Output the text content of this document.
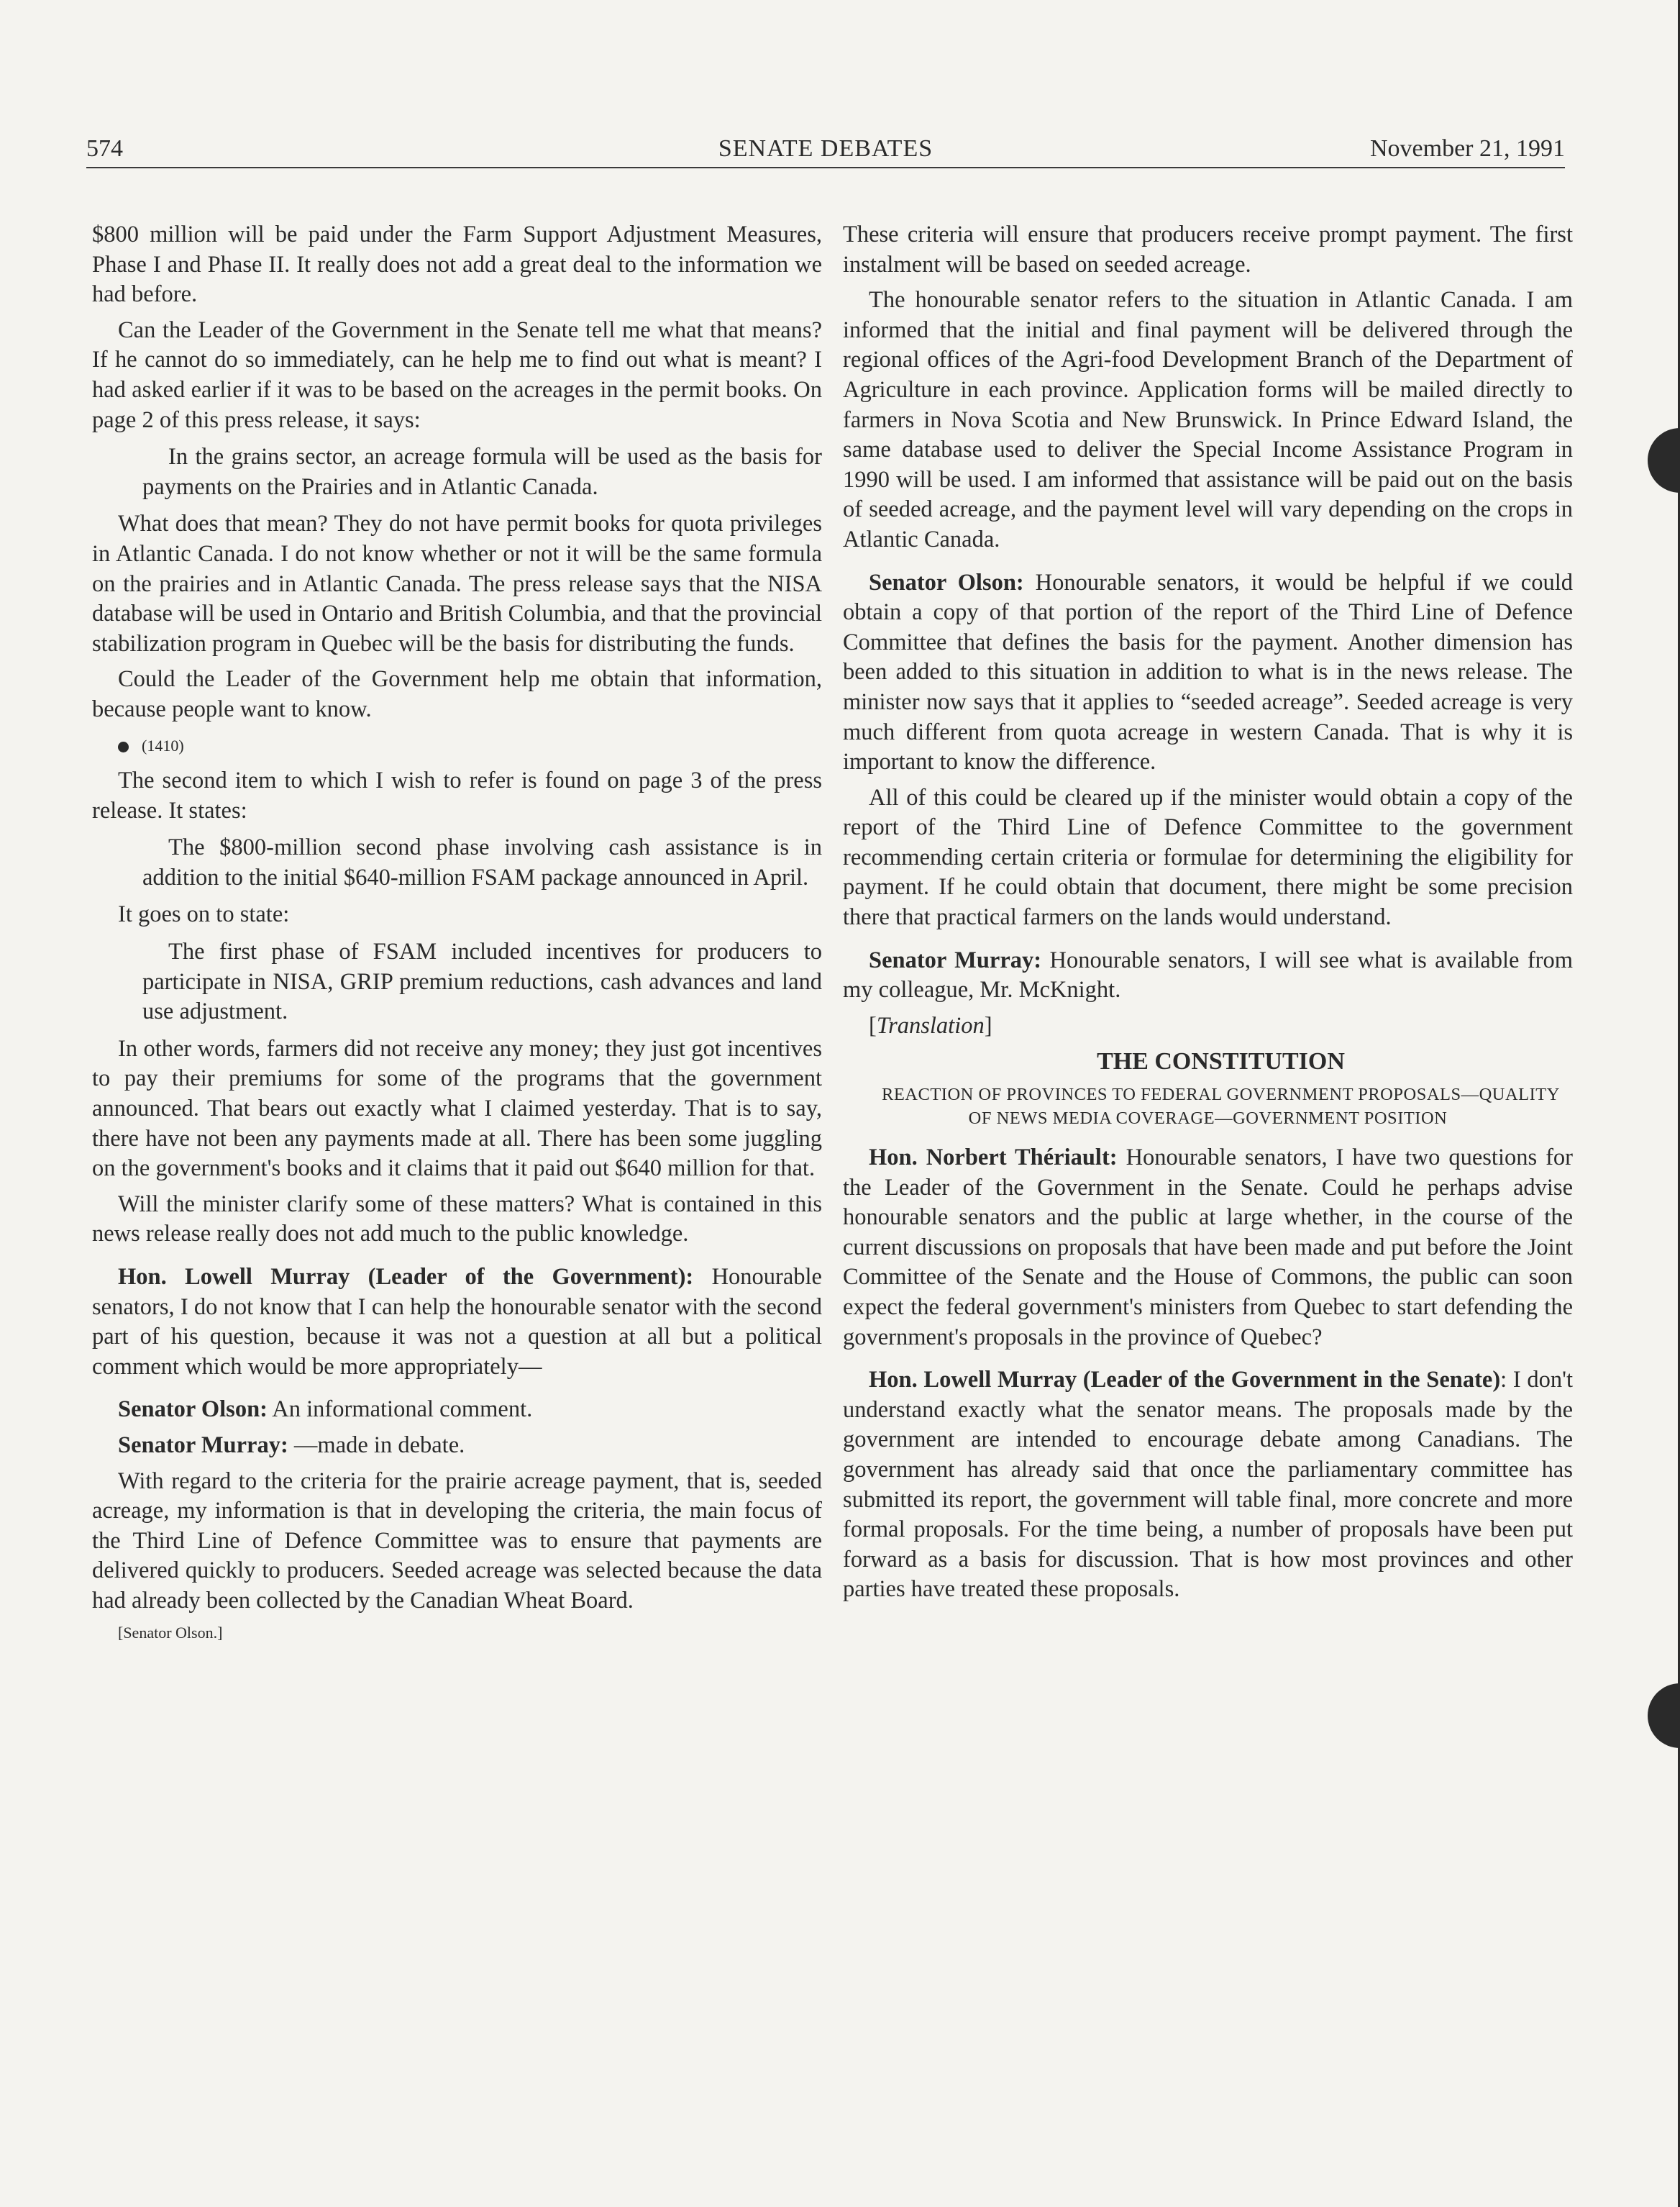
574	SENATE DEBATES	November 21, 1991

$800 million will be paid under the Farm Support Adjustment Measures, Phase I and Phase II. It really does not add a great deal to the information we had before.

Can the Leader of the Government in the Senate tell me what that means? If he cannot do so immediately, can he help me to find out what is meant? I had asked earlier if it was to be based on the acreages in the permit books. On page 2 of this press release, it says:

In the grains sector, an acreage formula will be used as the basis for payments on the Prairies and in Atlantic Canada.

What does that mean? They do not have permit books for quota privileges in Atlantic Canada. I do not know whether or not it will be the same formula on the prairies and in Atlantic Canada. The press release says that the NISA database will be used in Ontario and British Columbia, and that the provincial stabilization program in Quebec will be the basis for distributing the funds.

Could the Leader of the Government help me obtain that information, because people want to know.

(1410)

The second item to which I wish to refer is found on page 3 of the press release. It states:

The $800-million second phase involving cash assistance is in addition to the initial $640-million FSAM package announced in April.

It goes on to state:

The first phase of FSAM included incentives for producers to participate in NISA, GRIP premium reductions, cash advances and land use adjustment.

In other words, farmers did not receive any money; they just got incentives to pay their premiums for some of the programs that the government announced. That bears out exactly what I claimed yesterday. That is to say, there have not been any payments made at all. There has been some juggling on the government's books and it claims that it paid out $640 million for that.

Will the minister clarify some of these matters? What is contained in this news release really does not add much to the public knowledge.

Hon. Lowell Murray (Leader of the Government): Honourable senators, I do not know that I can help the honourable senator with the second part of his question, because it was not a question at all but a political comment which would be more appropriately—

Senator Olson: An informational comment.

Senator Murray: —made in debate.

With regard to the criteria for the prairie acreage payment, that is, seeded acreage, my information is that in developing the criteria, the main focus of the Third Line of Defence Committee was to ensure that payments are delivered quickly to producers. Seeded acreage was selected because the data had already been collected by the Canadian Wheat Board.

[Senator Olson.]

These criteria will ensure that producers receive prompt payment. The first instalment will be based on seeded acreage.

The honourable senator refers to the situation in Atlantic Canada. I am informed that the initial and final payment will be delivered through the regional offices of the Agri-food Development Branch of the Department of Agriculture in each province. Application forms will be mailed directly to farmers in Nova Scotia and New Brunswick. In Prince Edward Island, the same database used to deliver the Special Income Assistance Program in 1990 will be used. I am informed that assistance will be paid out on the basis of seeded acreage, and the payment level will vary depending on the crops in Atlantic Canada.

Senator Olson: Honourable senators, it would be helpful if we could obtain a copy of that portion of the report of the Third Line of Defence Committee that defines the basis for the payment. Another dimension has been added to this situation in addition to what is in the news release. The minister now says that it applies to “seeded acreage”. Seeded acreage is very much different from quota acreage in western Canada. That is why it is important to know the difference.

All of this could be cleared up if the minister would obtain a copy of the report of the Third Line of Defence Committee to the government recommending certain criteria or formulae for determining the eligibility for payment. If he could obtain that document, there might be some precision there that practical farmers on the lands would understand.

Senator Murray: Honourable senators, I will see what is available from my colleague, Mr. McKnight.

[Translation]

THE CONSTITUTION

REACTION OF PROVINCES TO FEDERAL GOVERNMENT PROPOSALS—QUALITY OF NEWS MEDIA COVERAGE—GOVERNMENT POSITION

Hon. Norbert Thériault: Honourable senators, I have two questions for the Leader of the Government in the Senate. Could he perhaps advise honourable senators and the public at large whether, in the course of the current discussions on proposals that have been made and put before the Joint Committee of the Senate and the House of Commons, the public can soon expect the federal government's ministers from Quebec to start defending the government's proposals in the province of Quebec?

Hon. Lowell Murray (Leader of the Government in the Senate): I don't understand exactly what the senator means. The proposals made by the government are intended to encourage debate among Canadians. The government has already said that once the parliamentary committee has submitted its report, the government will table final, more concrete and more formal proposals. For the time being, a number of proposals have been put forward as a basis for discussion. That is how most provinces and other parties have treated these proposals.
